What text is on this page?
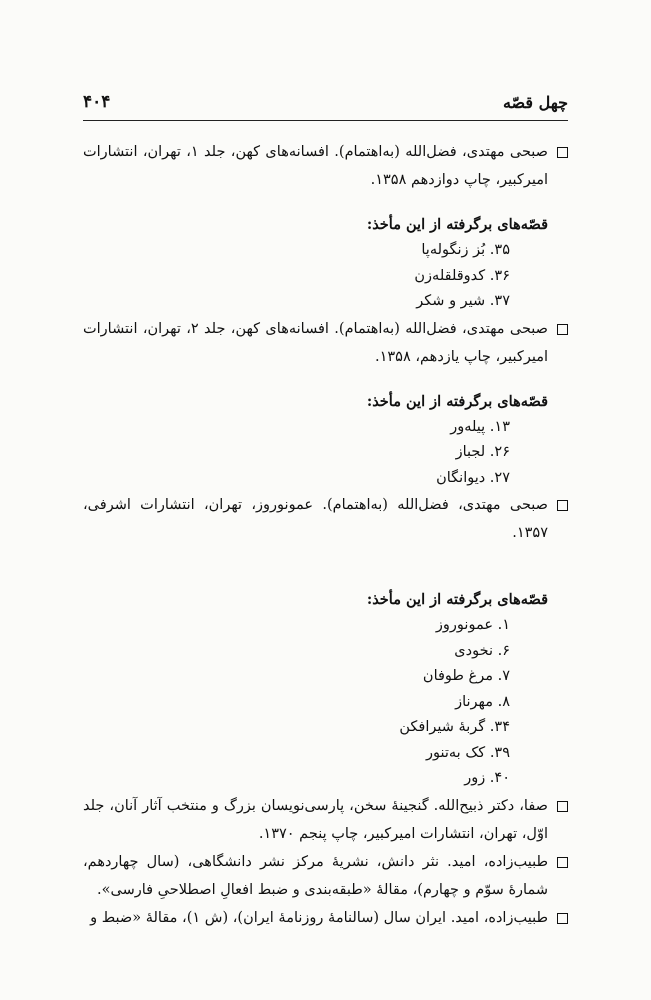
چهل قصّه
۴۰۴
صبحی مهتدی، فضل‌الله (به‌اهتمام). افسانه‌های کهن، جلد ۱، تهران، انتشارات امیرکبیر، چاپ دوازدهم ۱۳۵۸.
قصّه‌های برگرفته از این مأخذ:
۳۵. بُز زنگوله‌پا
۳۶. کدوقلقله‌زن
۳۷. شیر و شکر
صبحی مهتدی، فضل‌الله (به‌اهتمام). افسانه‌های کهن، جلد ۲، تهران، انتشارات امیرکبیر، چاپ یازدهم، ۱۳۵۸.
قصّه‌های برگرفته از این مأخذ:
۱۳. پیله‌ور
۲۶. لجباز
۲۷. دیوانگان
صبحی مهتدی، فضل‌الله (به‌اهتمام). عمونوروز، تهران، انتشارات اشرفی، ۱۳۵۷.
قصّه‌های برگرفته از این مأخذ:
۱. عمونوروز
۶. نخودی
۷. مرغ طوفان
۸. مهرناز
۳۴. گربهٔ شیرافکن
۳۹. کک به‌تنور
۴۰. زور
صفا، دکتر ذبیح‌الله. گنجینهٔ سخن، پارسی‌نویسان بزرگ و منتخب آثار آنان، جلد اوّل، تهران، انتشارات امیرکبیر، چاپ پنجم ۱۳۷۰.
طبیب‌زاده، امید. نثر دانش، نشریهٔ مرکز نشر دانشگاهی، (سال چهاردهم، شمارهٔ سوّم و چهارم)، مقالهٔ «طبقه‌بندی و ضبط افعالِ اصطلاحیِ فارسی».
طبیب‌زاده، امید. ایران سال (سالنامهٔ روزنامهٔ ایران)، (ش ۱)، مقالهٔ «ضبط و
